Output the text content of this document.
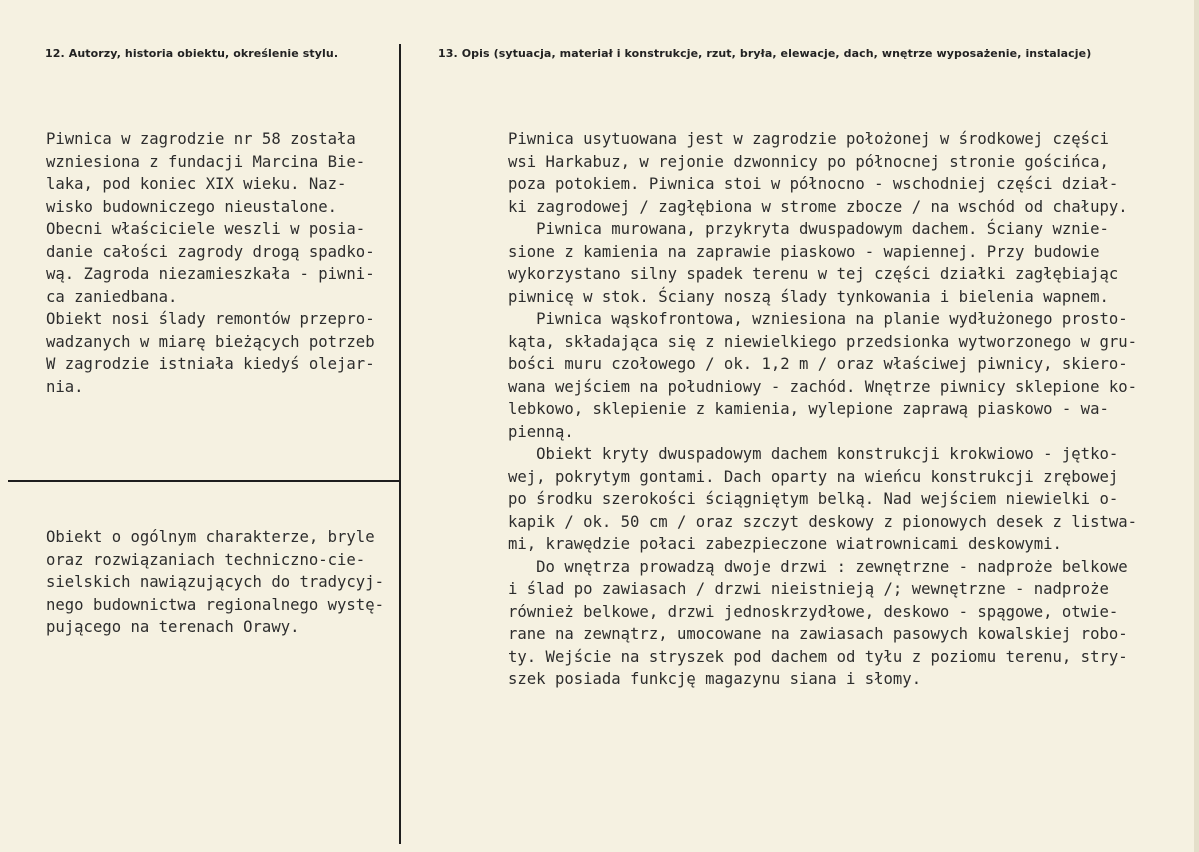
12. Autorzy, historia obiektu, określenie stylu.	13. Opis (sytuacja, materiał i konstrukcje, rzut, bryła, elewacje, dach, wnętrze wyposażenie, instalacje)
Piwnica w zagrodzie nr 58 została
wzniesiona z fundacji Marcina Bie-
laka, pod koniec XIX wieku. Naz-
wisko budowniczego nieustalone.
Obecni właściciele weszli w posia-
danie całości zagrody drogą spadko-
wą. Zagroda niezamieszkała - piwni-
ca zaniedbana.
Obiekt nosi ślady remontów przepro-
wadzanych w miarę bieżących potrzeb
W zagrodzie istniała kiedyś olejar-
nia.
Obiekt o ogólnym charakterze, bryle
oraz rozwiązaniach techniczno-cie-
sielskich nawiązujących do tradycyj-
nego budownictwa regionalnego wystę-
pującego na terenach Orawy.
Piwnica usytuowana jest w zagrodzie położonej w środkowej części
wsi Harkabuz, w rejonie dzwonnicy po północnej stronie gościńca,
poza potokiem. Piwnica stoi w północno - wschodniej części dział-
ki zagrodowej / zagłębiona w strome zbocze / na wschód od chałupy.
Piwnica murowana, przykryta dwuspadowym dachem. Ściany wznie-
sione z kamienia na zaprawie piaskowo - wapiennej. Przy budowie
wykorzystano silny spadek terenu w tej części działki zagłębiając
piwnicę w stok. Ściany noszą ślady tynkowania i bielenia wapnem.
Piwnica wąskofrontowa, wzniesiona na planie wydłużonego prosto-
kąta, składająca się z niewielkiego przedsionka wytworzonego w gru-
bości muru czołowego / ok. 1,2 m / oraz właściwej piwnicy, skiero-
wana wejściem na południowy - zachód. Wnętrze piwnicy sklepione ko-
lebkowo, sklepienie z kamienia, wylepione zaprawą piaskowo - wa-
pienną.
Obiekt kryty dwuspadowym dachem konstrukcji krokwiowo - jętko-
wej, pokrytym gontami. Dach oparty na wieńcu konstrukcji zrębowej
po środku szerokości ściągniętym belką. Nad wejściem niewielki o-
kapik / ok. 50 cm / oraz szczyt deskowy z pionowych desek z listwa-
mi, krawędzie połaci zabezpieczone wiatrownicami deskowymi.
Do wnętrza prowadzą dwoje drzwi : zewnętrzne - nadproże belkowe
i ślad po zawiasach / drzwi nieistnieją /; wewnętrzne - nadproże
również belkowe, drzwi jednoskrzydłowe, deskowo - spągowe, otwie-
rane na zewnątrz, umocowane na zawiasach pasowych kowalskiej robo-
ty. Wejście na stryszek pod dachem od tyłu z poziomu terenu, stry-
szek posiada funkcję magazynu siana i słomy.
